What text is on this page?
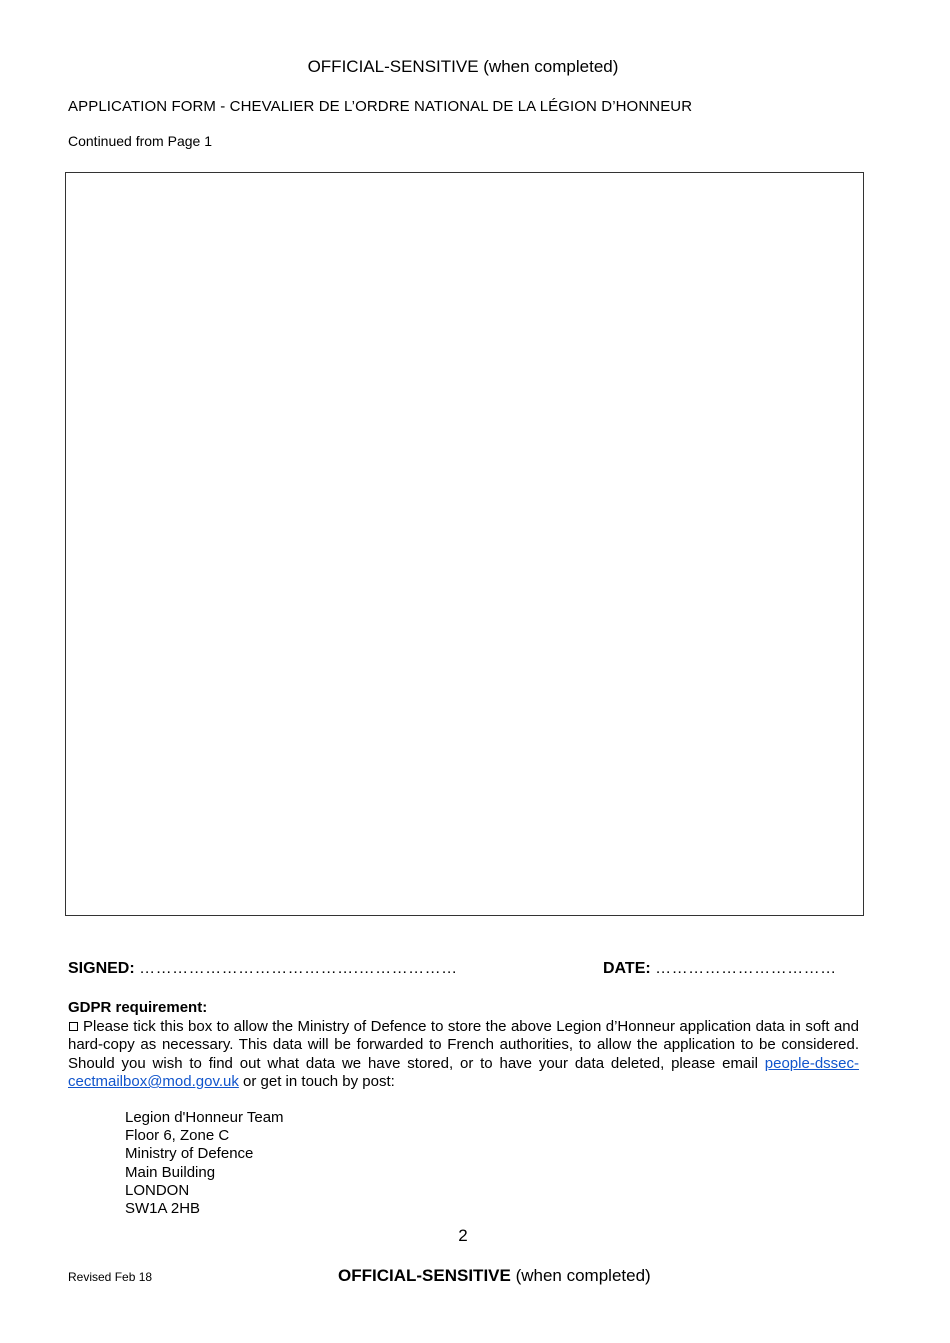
OFFICIAL-SENSITIVE (when completed)
APPLICATION FORM - CHEVALIER DE L’ORDRE NATIONAL DE LA LÉGION D’HONNEUR
Continued from Page 1
SIGNED: ………………………………….………………	DATE: ……………………………
GDPR requirement:
Please tick this box to allow the Ministry of Defence to store the above Legion d’Honneur application data in soft and hard-copy as necessary. This data will be forwarded to French authorities, to allow the application to be considered. Should you wish to find out what data we have stored, or to have your data deleted, please email people-dssec-cectmailbox@mod.gov.uk or get in touch by post:
Legion d'Honneur Team
Floor 6, Zone C
Ministry of Defence
Main Building
LONDON
SW1A 2HB
2
Revised Feb 18	OFFICIAL-SENSITIVE (when completed)
